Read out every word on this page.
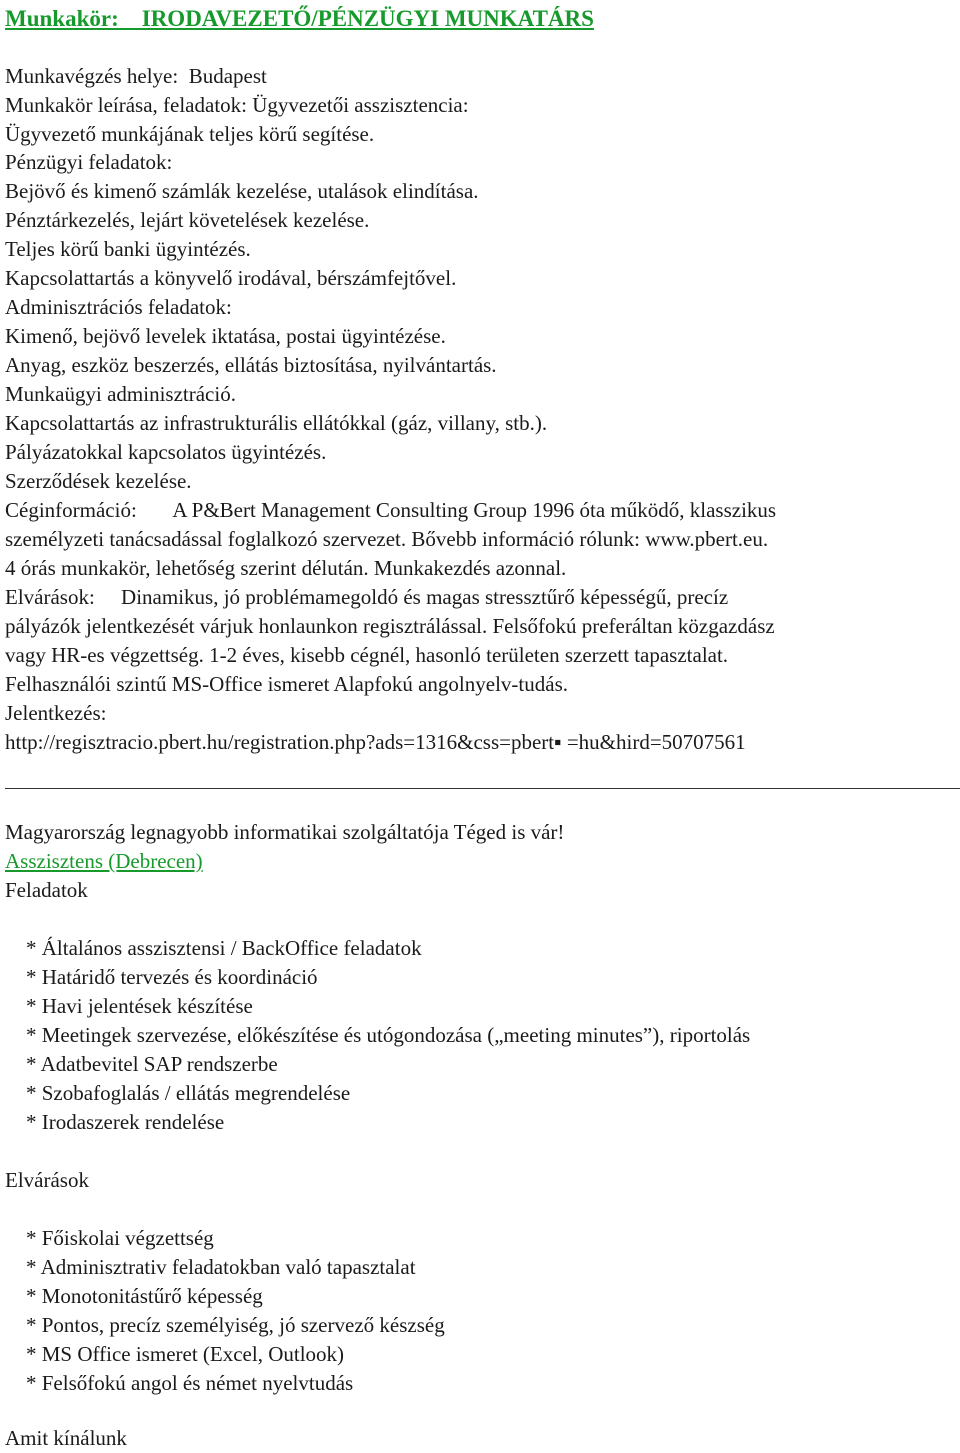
Munkakör:    IRODAVEZETŐ/PÉNZÜGYI MUNKATÁRS
Munkavégzés helye:  Budapest
Munkakör leírása, feladatok: Ügyvezetői asszisztencia:
Ügyvezető munkájának teljes körű segítése.
Pénzügyi feladatok:
Bejövő és kimenő számlák kezelése, utalások elindítása.
Pénztárkezelés, lejárt követelések kezelése.
Teljes körű banki ügyintézés.
Kapcsolattartás a könyvelő irodával, bérszámfejtővel.
Adminisztrációs feladatok:
Kimenő, bejövő levelek iktatása, postai ügyintézése.
Anyag, eszköz beszerzés, ellátás biztosítása, nyilvántartás.
Munkaügyi adminisztráció.
Kapcsolattartás az infrastrukturális ellátókkal (gáz, villany, stb.).
Pályázatokkal kapcsolatos ügyintézés.
Szerződések kezelése.
Céginformáció:       A P&Bert Management Consulting Group 1996 óta működő, klasszikus
személyzeti tanácsadással foglalkozó szervezet. Bővebb információ rólunk: www.pbert.eu.
4 órás munkakör, lehetőség szerint délután. Munkakezdés azonnal.
Elvárások:     Dinamikus, jó problémamegoldó és magas stressztűrő képességű, precíz
pályázók jelentkezését várjuk honlaunkon regisztrálással. Felsőfokú preferáltan közgazdász
vagy HR-es végzettség. 1-2 éves, kisebb cégnél, hasonló területen szerzett tapasztalat.
Felhasználói szintű MS-Office ismeret Alapfokú angolnyelv-tudás.
Jelentkezés:
http://regisztracio.pbert.hu/registration.php?ads=1316&css=pbert▪ =hu&hird=50707561
Magyarország legnagyobb informatikai szolgáltatója Téged is vár!
Asszisztens (Debrecen)
Feladatok
* Általános asszisztensi / BackOffice feladatok
* Határidő tervezés és koordináció
* Havi jelentések készítése
* Meetingek szervezése, előkészítése és utógondozása („meeting minutes”), riportolás
* Adatbevitel SAP rendszerbe
* Szobafoglalás / ellátás megrendelése
* Irodaszerek rendelése
Elvárások
* Főiskolai végzettség
* Adminisztrativ feladatokban való tapasztalat
* Monotonitástűrő képesség
* Pontos, precíz személyiség, jó szervező készség
* MS Office ismeret (Excel, Outlook)
* Felsőfokú angol és német nyelvtudás
Amit kínálunk
